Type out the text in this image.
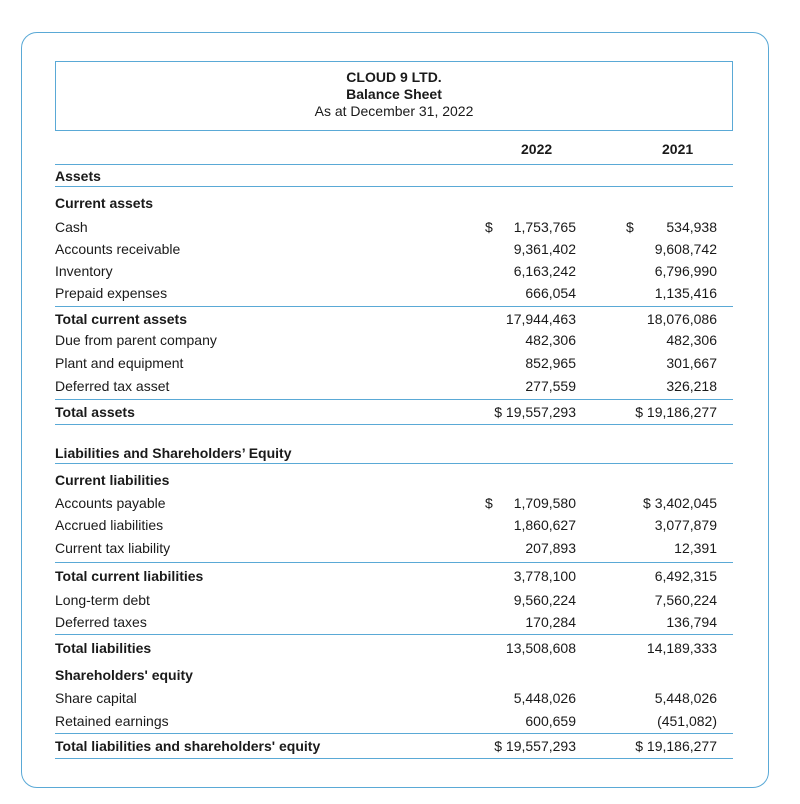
CLOUD 9 LTD.
Balance Sheet
As at December 31, 2022
2022	2021
Assets
Current assets
Cash	$ 1,753,765	$ 534,938
Accounts receivable	9,361,402	9,608,742
Inventory	6,163,242	6,796,990
Prepaid expenses	666,054	1,135,416
Total current assets	17,944,463	18,076,086
Due from parent company	482,306	482,306
Plant and equipment	852,965	301,667
Deferred tax asset	277,559	326,218
Total assets	$ 19,557,293	$ 19,186,277
Liabilities and Shareholders’ Equity
Current liabilities
Accounts payable	$ 1,709,580	$ 3,402,045
Accrued liabilities	1,860,627	3,077,879
Current tax liability	207,893	12,391
Total current liabilities	3,778,100	6,492,315
Long-term debt	9,560,224	7,560,224
Deferred taxes	170,284	136,794
Total liabilities	13,508,608	14,189,333
Shareholders' equity
Share capital	5,448,026	5,448,026
Retained earnings	600,659	(451,082)
Total liabilities and shareholders' equity	$ 19,557,293	$ 19,186,277
